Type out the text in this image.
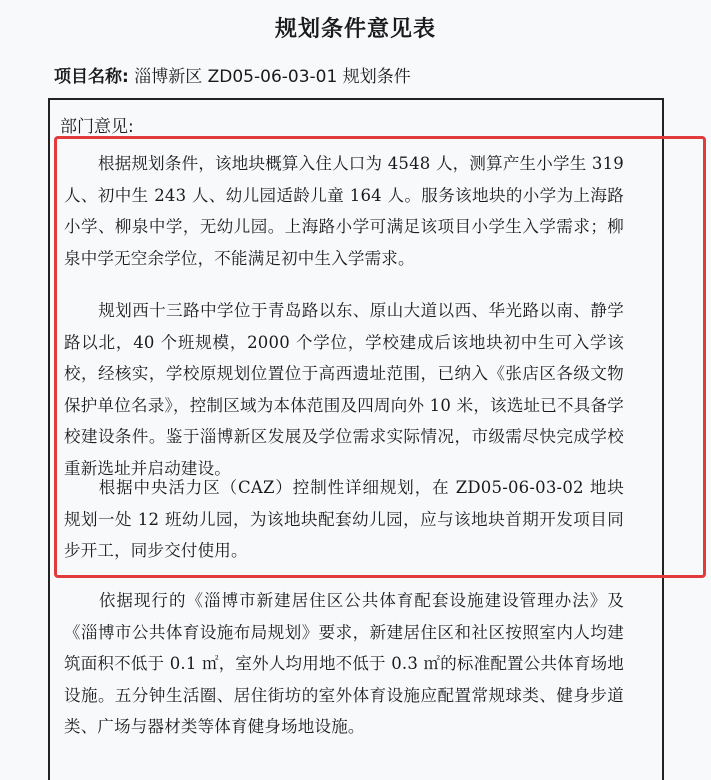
规划条件意见表
项目名称: 淄博新区 ZD05-06-03-01 规划条件
部门意见:
根据规划条件，该地块概算入住人口为 4548 人，测算产生小学生 319 人、初中生 243 人、幼儿园适龄儿童 164 人。服务该地块的小学为上海路小学、柳泉中学，无幼儿园。上海路小学可满足该项目小学生入学需求；柳泉中学无空余学位，不能满足初中生入学需求。
规划西十三路中学位于青岛路以东、原山大道以西、华光路以南、静学路以北，40 个班规模，2000 个学位，学校建成后该地块初中生可入学该校，经核实，学校原规划位置位于高西遗址范围，已纳入《张店区各级文物保护单位名录》，控制区域为本体范围及四周向外 10 米，该选址已不具备学校建设条件。鉴于淄博新区发展及学位需求实际情况，市级需尽快完成学校重新选址并启动建设。
根据中央活力区（CAZ）控制性详细规划，在 ZD05-06-03-02 地块规划一处 12 班幼儿园，为该地块配套幼儿园，应与该地块首期开发项目同步开工，同步交付使用。
依据现行的《淄博市新建居住区公共体育配套设施建设管理办法》及《淄博市公共体育设施布局规划》要求，新建居住区和社区按照室内人均建筑面积不低于 0.1 ㎡，室外人均用地不低于 0.3 ㎡的标准配置公共体育场地设施。五分钟生活圈、居住街坊的室外体育设施应配置常规球类、健身步道类、广场与器材类等体育健身场地设施。
